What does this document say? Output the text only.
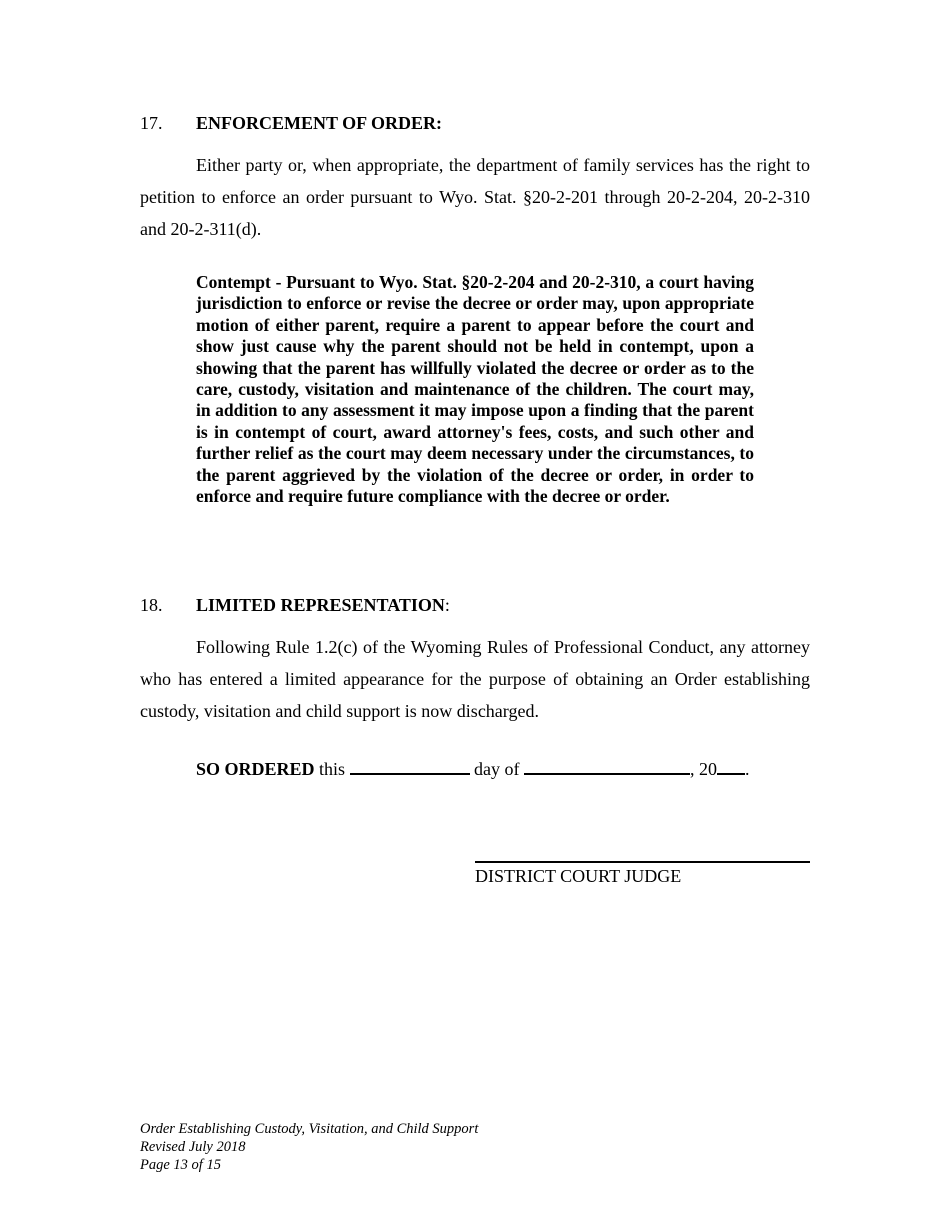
17. ENFORCEMENT OF ORDER:

Either party or, when appropriate, the department of family services has the right to petition to enforce an order pursuant to Wyo. Stat. §20-2-201 through 20-2-204, 20-2-310 and 20-2-311(d).

Contempt - Pursuant to Wyo. Stat. §20-2-204 and 20-2-310, a court having jurisdiction to enforce or revise the decree or order may, upon appropriate motion of either parent, require a parent to appear before the court and show just cause why the parent should not be held in contempt, upon a showing that the parent has willfully violated the decree or order as to the care, custody, visitation and maintenance of the children. The court may, in addition to any assessment it may impose upon a finding that the parent is in contempt of court, award attorney's fees, costs, and such other and further relief as the court may deem necessary under the circumstances, to the parent aggrieved by the violation of the decree or order, in order to enforce and require future compliance with the decree or order.

18. LIMITED REPRESENTATION:

Following Rule 1.2(c) of the Wyoming Rules of Professional Conduct, any attorney who has entered a limited appearance for the purpose of obtaining an Order establishing custody, visitation and child support is now discharged.

SO ORDERED this	day of	, 20 .
DISTRICT COURT JUDGE
Order Establishing Custody, Visitation, and Child Support
Revised July 2018
Page 13 of 15
